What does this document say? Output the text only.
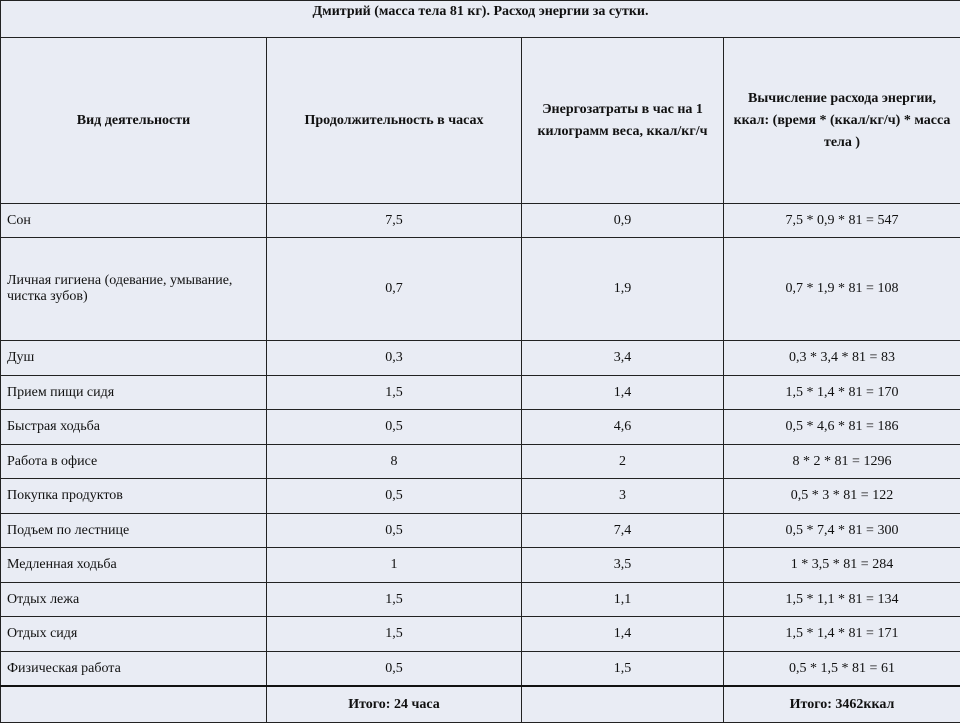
Дмитрий (масса тела 81 кг). Расход энергии за сутки.			
Вид деятельности	Продолжительность в часах	Энергозатраты в час на 1 килограмм веса, ккал/кг/ч	Вычисление расхода энергии, ккал: (время * (ккал/кг/ч) * масса тела )
Сон	7,5	0,9	7,5 * 0,9 * 81 = 547
Личная гигиена (одевание, умывание, чистка зубов)	0,7	1,9	0,7 * 1,9 * 81 = 108
Душ	0,3	3,4	0,3 * 3,4 * 81 = 83
Прием пищи сидя	1,5	1,4	1,5 * 1,4 * 81 = 170
Быстрая ходьба	0,5	4,6	0,5 * 4,6 * 81 = 186
Работа в офисе	8	2	8 * 2 * 81 = 1296
Покупка продуктов	0,5	3	0,5 * 3 * 81 = 122
Подъем по лестнице	0,5	7,4	0,5 * 7,4 * 81 = 300
Медленная ходьба	1	3,5	1 * 3,5 * 81 = 284
Отдых лежа	1,5	1,1	1,5 * 1,1 * 81 = 134
Отдых сидя	1,5	1,4	1,5 * 1,4 * 81 = 171
Физическая работа	0,5	1,5	0,5 * 1,5 * 81 = 61
	Итого: 24 часа		Итого: 3462ккал
